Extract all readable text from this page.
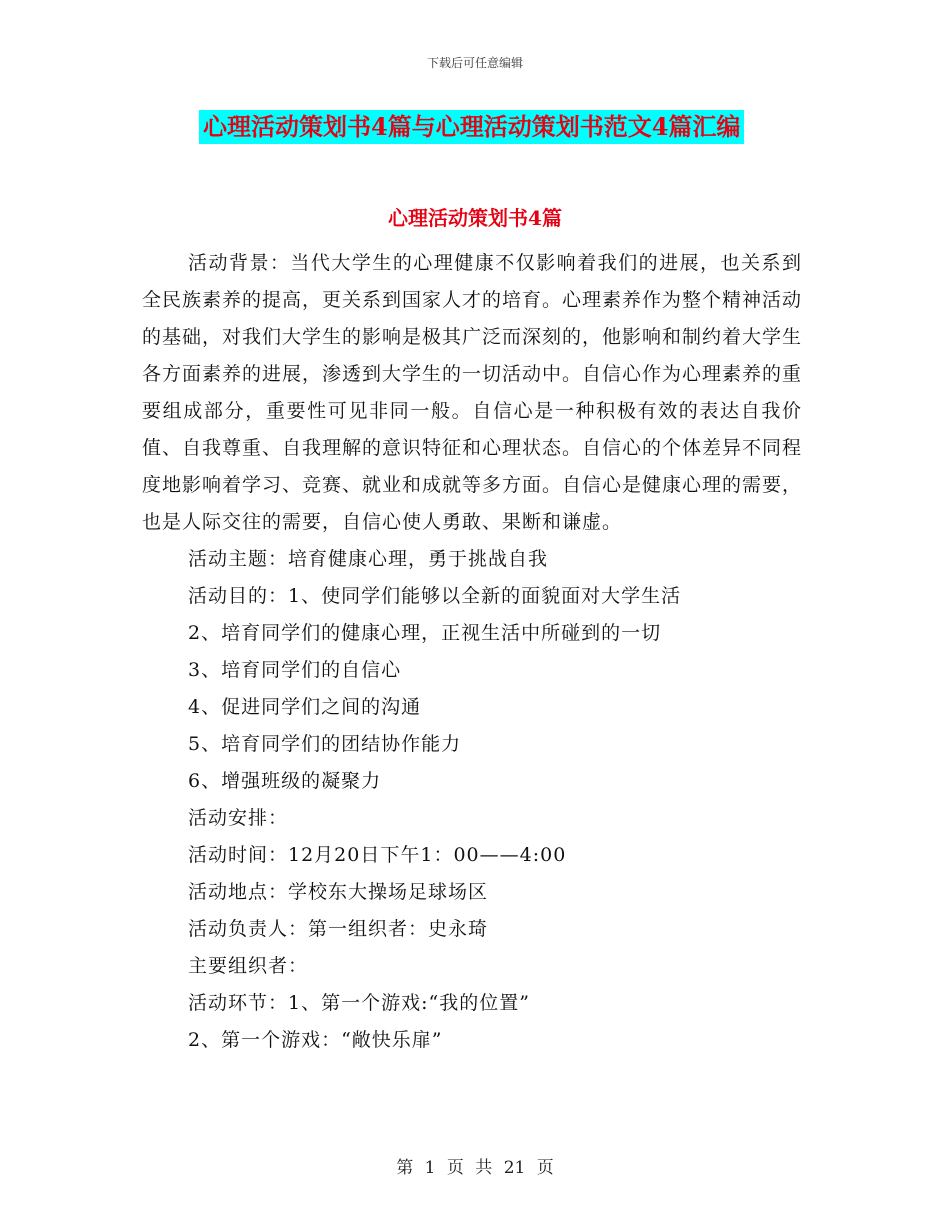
下载后可任意编辑
心理活动策划书4篇与心理活动策划书范文4篇汇编
心理活动策划书4篇

活动背景：当代大学生的心理健康不仅影响着我们的进展，也关系到全民族素养的提高，更关系到国家人才的培育。心理素养作为整个精神活动的基础，对我们大学生的影响是极其广泛而深刻的，他影响和制约着大学生各方面素养的进展，渗透到大学生的一切活动中。自信心作为心理素养的重要组成部分，重要性可见非同一般。自信心是一种积极有效的表达自我价值、自我尊重、自我理解的意识特征和心理状态。自信心的个体差异不同程度地影响着学习、竞赛、就业和成就等多方面。自信心是健康心理的需要，也是人际交往的需要，自信心使人勇敢、果断和谦虚。

活动主题：培育健康心理，勇于挑战自我

活动目的：1、使同学们能够以全新的面貌面对大学生活

2、培育同学们的健康心理，正视生活中所碰到的一切

3、培育同学们的自信心

4、促进同学们之间的沟通

5、培育同学们的团结协作能力

6、增强班级的凝聚力

活动安排：

活动时间：12月20日下午1：00——4:00

活动地点：学校东大操场足球场区

活动负责人：第一组织者：史永琦

主要组织者：

活动环节：1、第一个游戏:“我的位置”

2、第一个游戏：“敞快乐扉”

第 1 页 共 21 页
